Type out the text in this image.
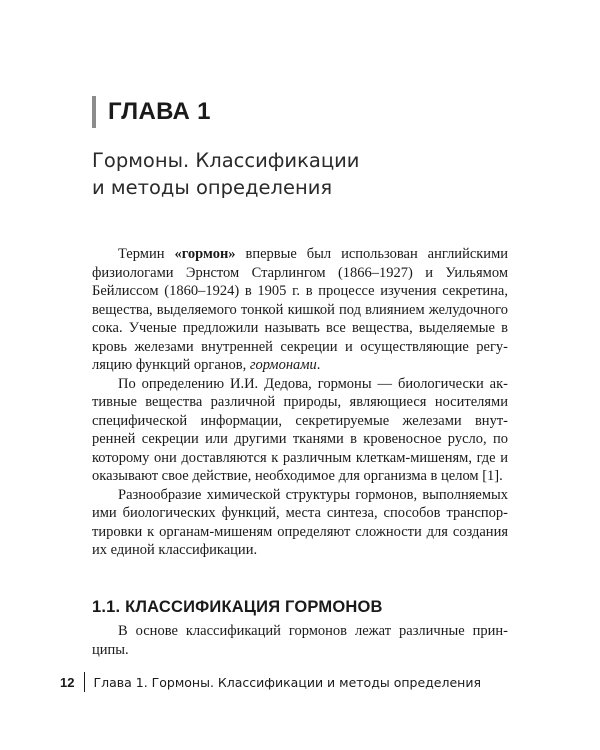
ГЛАВА 1
Гормоны. Классификации
и методы определения

Термин «гормон» впервые был использован английскими физиологами Эрнстом Старлингом (1866–1927) и Уильямом Бейлиссом (1860–1924) в 1905 г. в процессе изучения секретина, вещества, выделяемого тонкой кишкой под влиянием желудочного сока. Ученые предложили называть все вещества, выделяемые в кровь железами внутренней секреции и осуществляющие регуляцию функций органов, гормонами.

По определению И.И. Дедова, гормоны — биологически активные вещества различной природы, являющиеся носителями специфической информации, секретируемые железами внутренней секреции или другими тканями в кровеносное русло, по которому они доставляются к различным клеткам-мишеням, где и оказывают свое действие, необходимое для организма в целом [1].

Разнообразие химической структуры гормонов, выполняемых ими биологических функций, места синтеза, способов транспортировки к органам-мишеням определяют сложности для создания их единой классификации.

1.1. КЛАССИФИКАЦИЯ ГОРМОНОВ

В основе классификаций гормонов лежат различные принципы.

12 Глава 1. Гормоны. Классификации и методы определения
